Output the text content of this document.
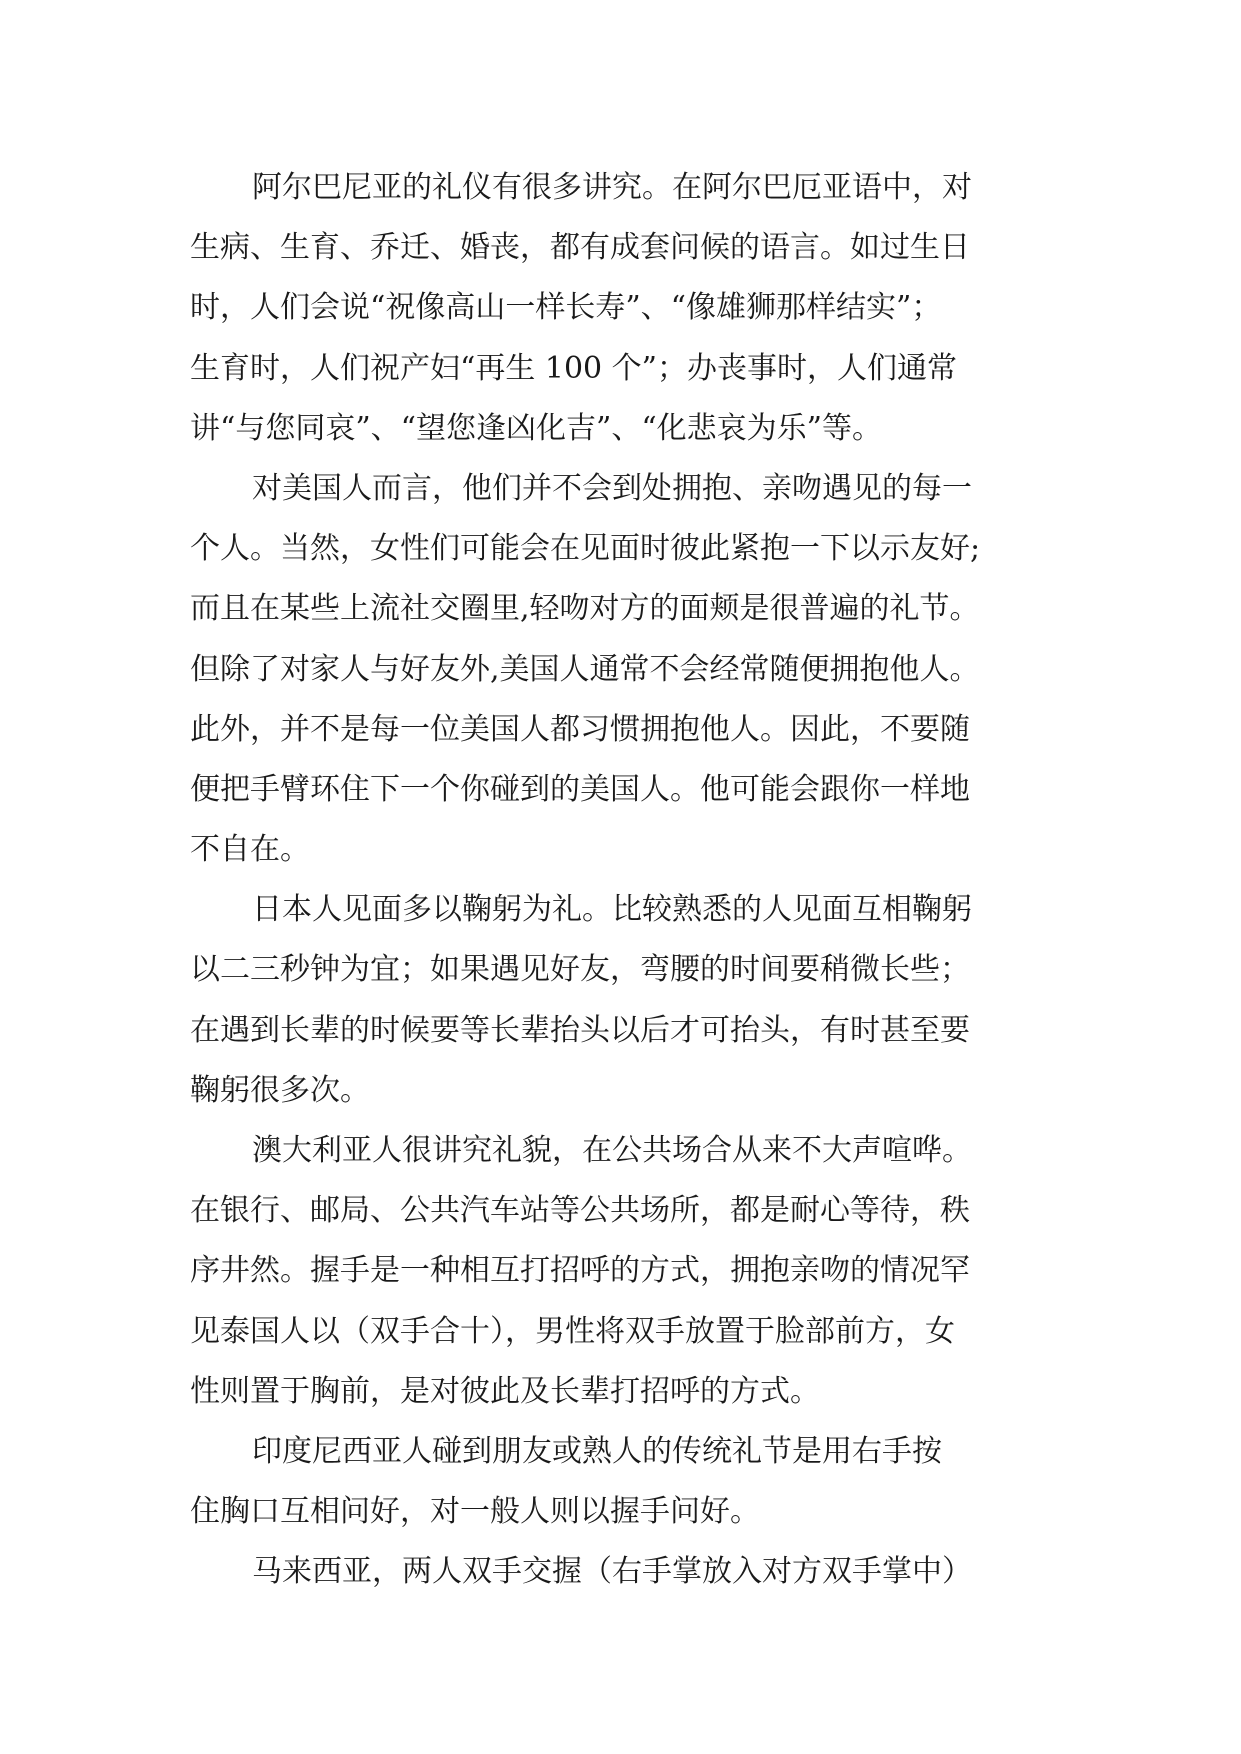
阿尔巴尼亚的礼仪有很多讲究。在阿尔巴厄亚语中，对
生病、生育、乔迁、婚丧，都有成套问候的语言。如过生日
时，人们会说“祝像高山一样长寿”、“像雄狮那样结实”；
生育时，人们祝产妇“再生 100 个”；办丧事时，人们通常
讲“与您同哀”、“望您逢凶化吉”、“化悲哀为乐”等。
对美国人而言，他们并不会到处拥抱、亲吻遇见的每一
个人。当然，女性们可能会在见面时彼此紧抱一下以示友好;
而且在某些上流社交圈里,轻吻对方的面颊是很普遍的礼节。
但除了对家人与好友外,美国人通常不会经常随便拥抱他人。
此外，并不是每一位美国人都习惯拥抱他人。因此，不要随
便把手臂环住下一个你碰到的美国人。他可能会跟你一样地
不自在。
日本人见面多以鞠躬为礼。比较熟悉的人见面互相鞠躬
以二三秒钟为宜；如果遇见好友，弯腰的时间要稍微长些；
在遇到长辈的时候要等长辈抬头以后才可抬头，有时甚至要
鞠躬很多次。
澳大利亚人很讲究礼貌，在公共场合从来不大声喧哗。
在银行、邮局、公共汽车站等公共场所，都是耐心等待，秩
序井然。握手是一种相互打招呼的方式，拥抱亲吻的情况罕
见泰国人以（双手合十），男性将双手放置于脸部前方，女
性则置于胸前，是对彼此及长辈打招呼的方式。
印度尼西亚人碰到朋友或熟人的传统礼节是用右手按
住胸口互相问好，对一般人则以握手问好。
马来西亚，两人双手交握（右手掌放入对方双手掌中）
